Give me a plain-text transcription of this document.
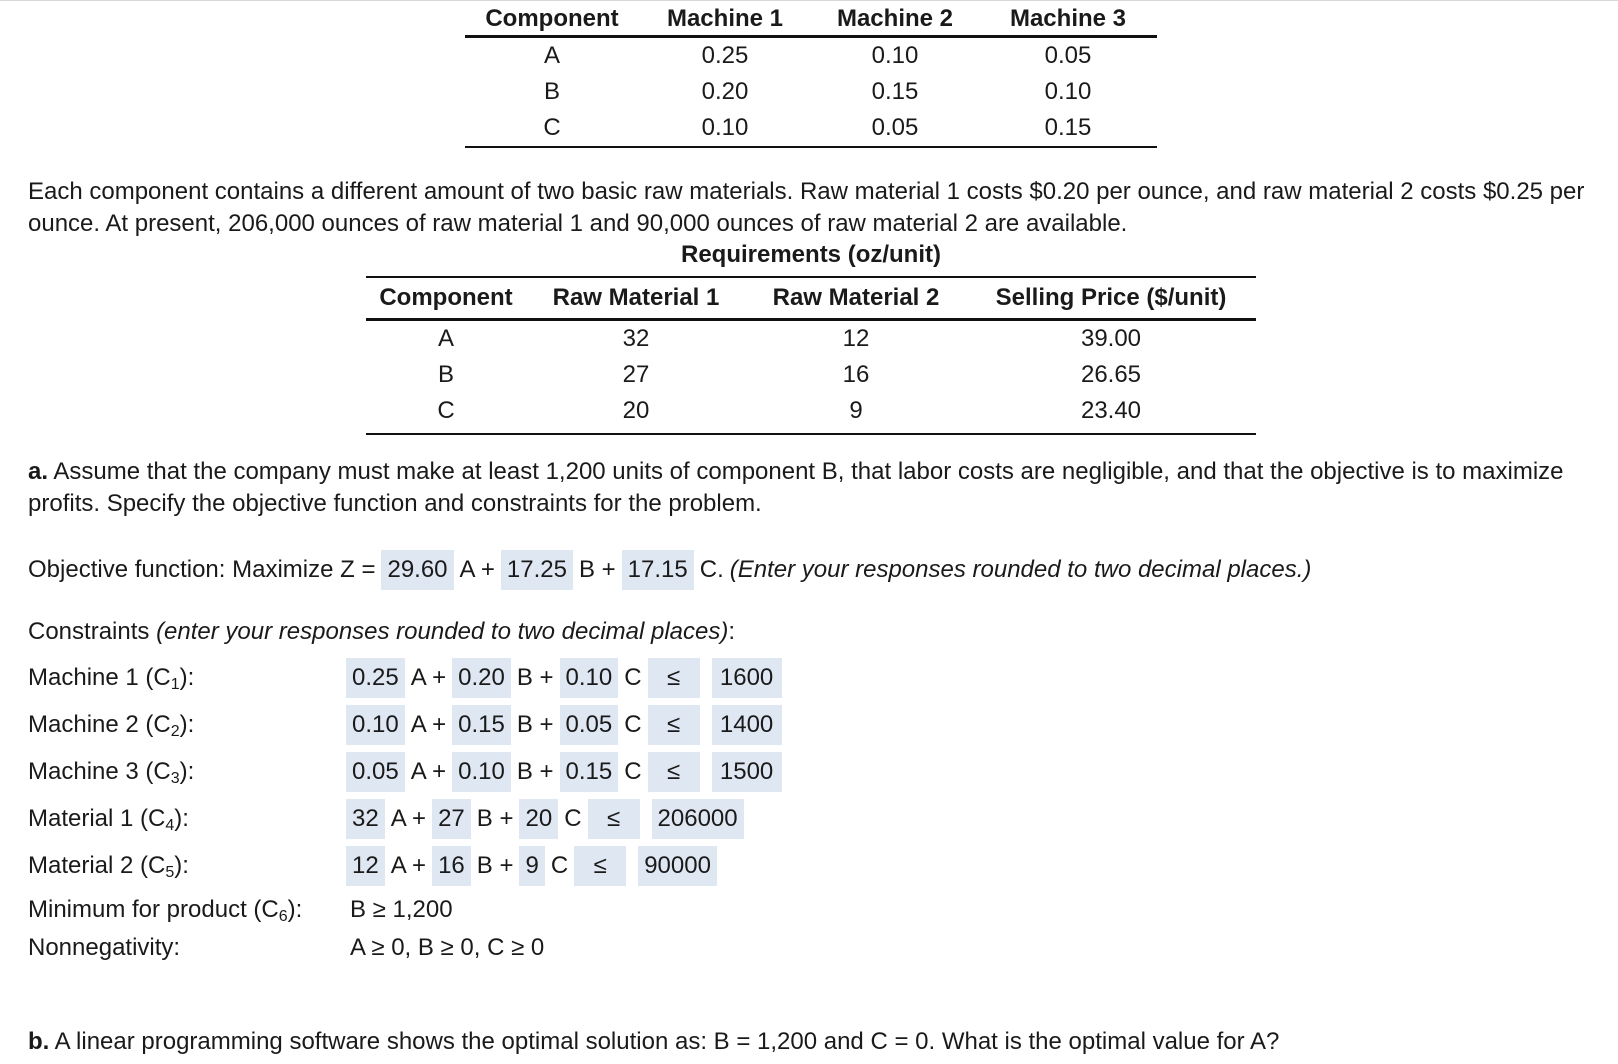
Component	Machine 1	Machine 2	Machine 3
A	0.25	0.10	0.05
B	0.20	0.15	0.10
C	0.10	0.05	0.15

Each component contains a different amount of two basic raw materials. Raw material 1 costs $0.20 per ounce, and raw material 2 costs $0.25 per ounce. At present, 206,000 ounces of raw material 1 and 90,000 ounces of raw material 2 are available.

Requirements (oz/unit)
Component	Raw Material 1	Raw Material 2	Selling Price ($/unit)
A	32	12	39.00
B	27	16	26.65
C	20	9	23.40

a. Assume that the company must make at least 1,200 units of component B, that labor costs are negligible, and that the objective is to maximize profits. Specify the objective function and constraints for the problem.

Objective function: Maximize Z = 29.60 A + 17.25 B + 17.15 C. (Enter your responses rounded to two decimal places.)
Constraints
(enter your responses rounded to two decimal places) :
Machine 1 $(C_1)$:	0.25 A + 0.20 B + 0.10 C	≤	1600
Machine 2 $(C_2)$:	0.10 A + 0.15 B + 0.05 C	≤	1400
Machine 3 $(C_3)$:	0.05 A + 0.10 B + 0.15 C	≤	1500
Material 1 $(C_4)$:	32 A + 27 B + 20 C	≤	206000
Material 2 $(C_5)$:	12 A + 16 B + 9 C	≤	90000
Minimum for product $(C_6)$: B ≥ 1,200
Nonnegativity:	A ≥ 0, B ≥ 0, C ≥ 0

b. A linear programming software shows the optimal solution as: B = 1,200 and C = 0. What is the optimal value for A?
